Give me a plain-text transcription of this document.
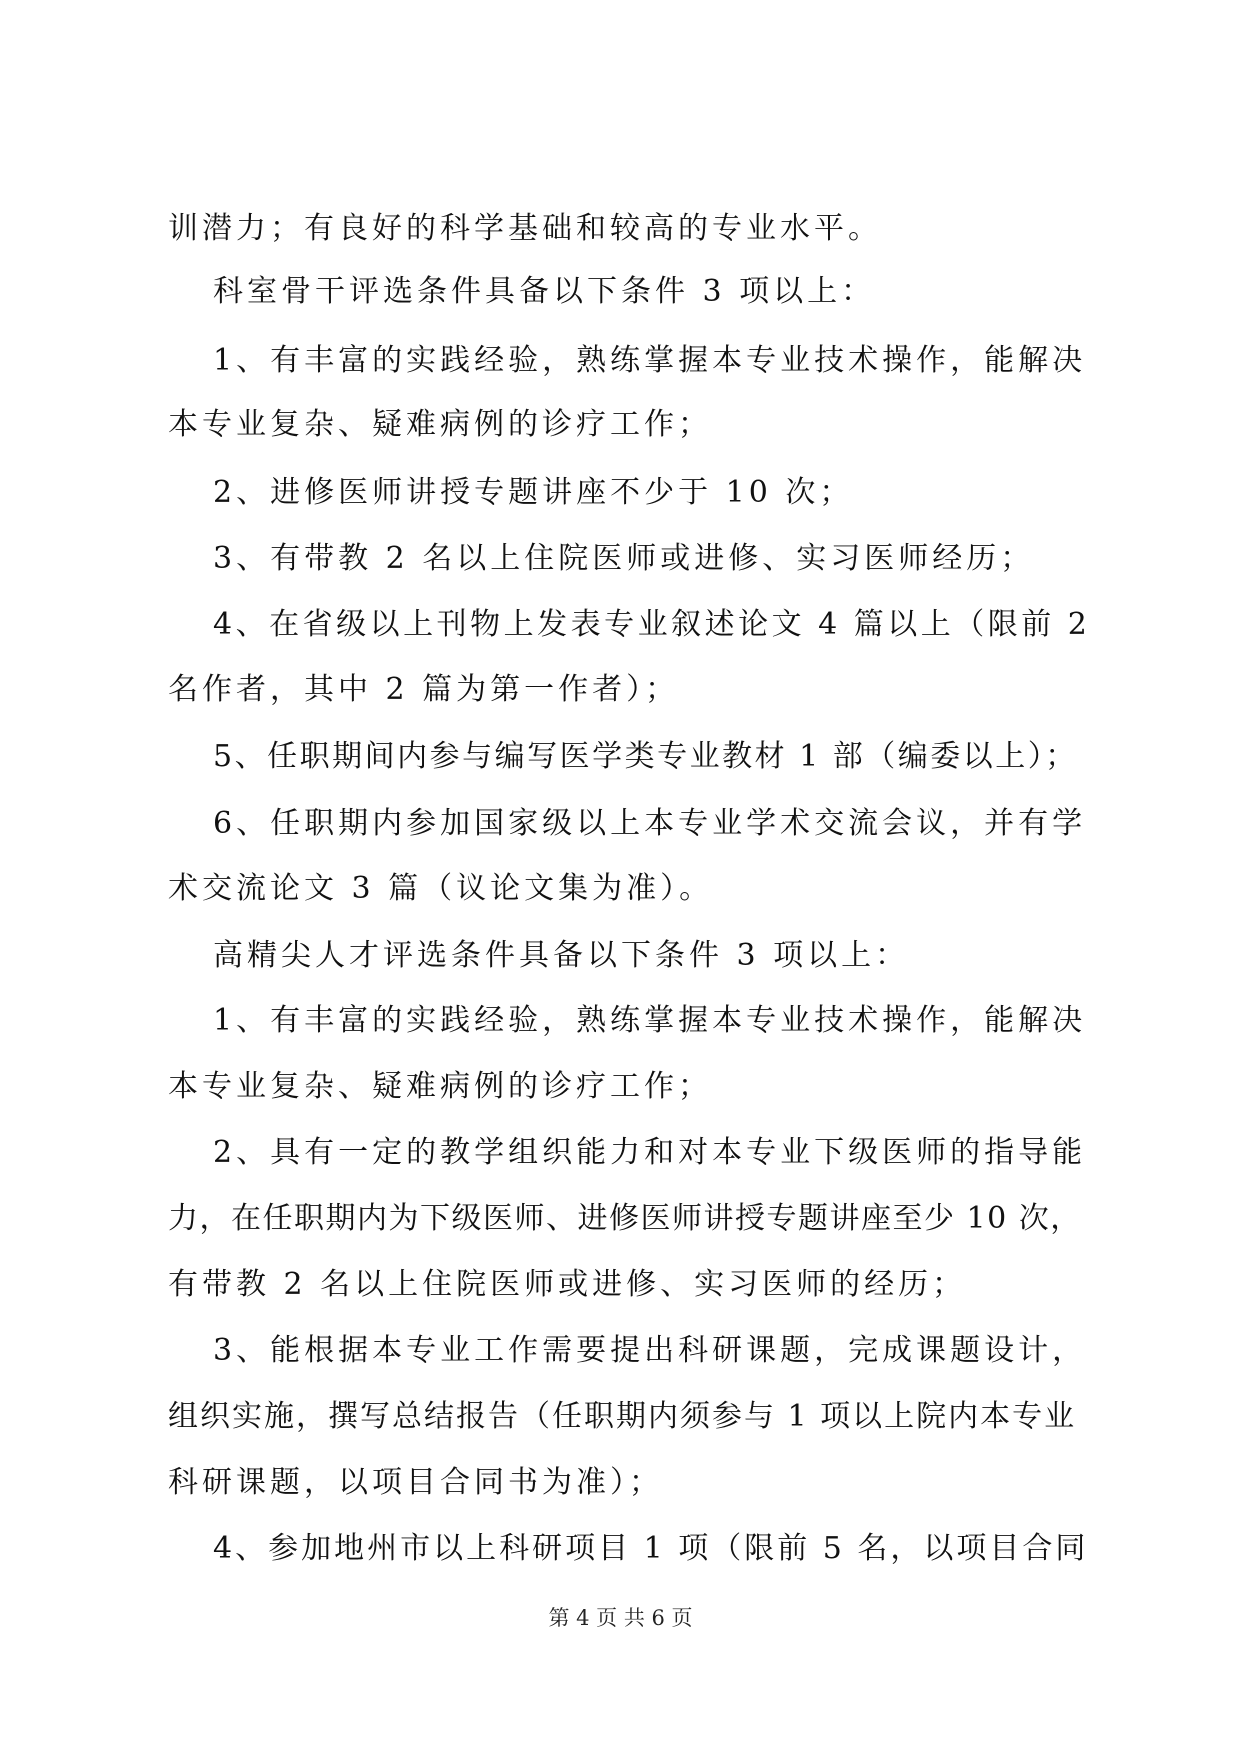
训潜力；有良好的科学基础和较高的专业水平。
科室骨干评选条件具备以下条件 3 项以上：
1、有丰富的实践经验，熟练掌握本专业技术操作，能解决
本专业复杂、疑难病例的诊疗工作；
2、进修医师讲授专题讲座不少于 10 次；
3、有带教 2 名以上住院医师或进修、实习医师经历；
4、在省级以上刊物上发表专业叙述论文 4 篇以上（限前 2
名作者，其中 2 篇为第一作者）；
5、任职期间内参与编写医学类专业教材 1 部（编委以上）；
6、任职期内参加国家级以上本专业学术交流会议，并有学
术交流论文 3 篇（议论文集为准）。
高精尖人才评选条件具备以下条件 3 项以上：
1、有丰富的实践经验，熟练掌握本专业技术操作，能解决
本专业复杂、疑难病例的诊疗工作；
2、具有一定的教学组织能力和对本专业下级医师的指导能
力，在任职期内为下级医师、进修医师讲授专题讲座至少 10 次，
有带教 2 名以上住院医师或进修、实习医师的经历；
3、能根据本专业工作需要提出科研课题，完成课题设计，
组织实施，撰写总结报告（任职期内须参与 1 项以上院内本专业
科研课题，以项目合同书为准）；
4、参加地州市以上科研项目 1 项（限前 5 名，以项目合同
第 4 页 共 6 页
